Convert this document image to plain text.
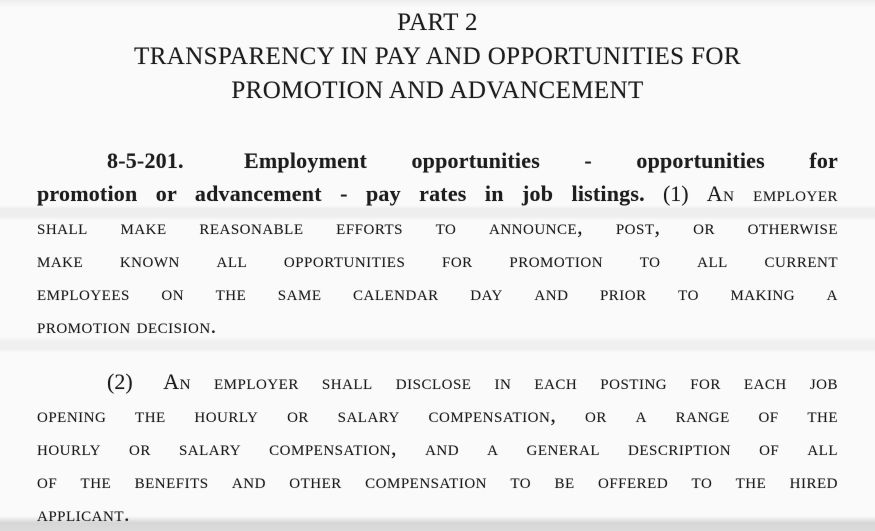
PART 2
TRANSPARENCY IN PAY AND OPPORTUNITIES FOR
PROMOTION AND ADVANCEMENT
8-5-201.	Employment opportunities - opportunities for
promotion or advancement - pay rates in job listings. (1) An employer
shall make reasonable efforts to announce, post, or otherwise
make known all opportunities for promotion to all current
employees on the same calendar day and prior to making a
promotion decision.
(2) An employer shall disclose in each posting for each job
opening the hourly or salary compensation, or a range of the
hourly or salary compensation, and a general description of all
of the benefits and other compensation to be offered to the hired
applicant.
